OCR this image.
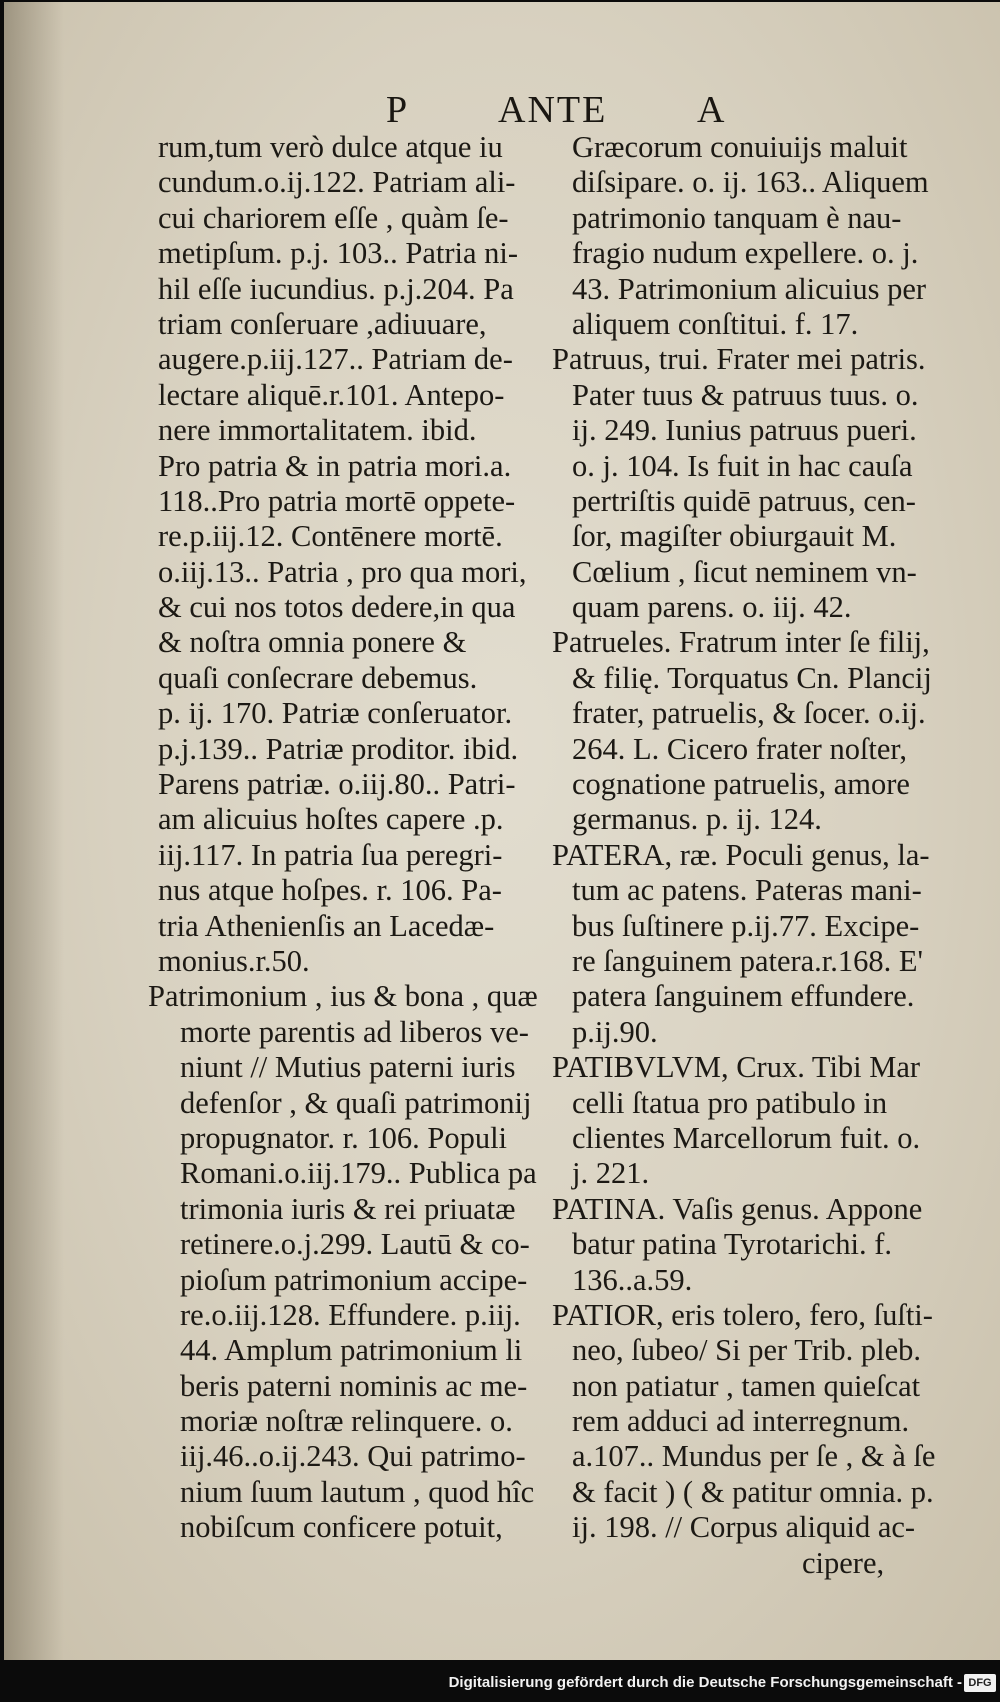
P ANTE A
rum,tum verò dulce atque iu
cundum.o.ij.122. Patriam ali-
cui chariorem eſſe , quàm ſe-
metipſum. p.j. 103.. Patria ni-
hil eſſe iucundius. p.j.204. Pa
triam conſeruare ,adiuuare,
augere.p.iij.127.. Patriam de-
lectare aliquē.r.101. Antepo-
nere immortalitatem. ibid.
Pro patria & in patria mori.a.
118..Pro patria mortē oppete-
re.p.iij.12. Contēnere mortē.
o.iij.13.. Patria , pro qua mori,
& cui nos totos dedere,in qua
& noſtra omnia ponere &
quaſi conſecrare debemus.
p. ij. 170. Patriæ conſeruator.
p.j.139.. Patriæ proditor. ibid.
Parens patriæ. o.iij.80.. Patri-
am alicuius hoſtes capere .p.
iij.117. In patria ſua peregri-
nus atque hoſpes. r. 106. Pa-
tria Athenienſis an Lacedæ-
monius.r.50.
Patrimonium , ius & bona , quæ
morte parentis ad liberos ve-
niunt // Mutius paterni iuris
defenſor , & quaſi patrimonij
propugnator. r. 106. Populi
Romani.o.iij.179.. Publica pa
trimonia iuris & rei priuatæ
retinere.o.j.299. Lautū & co-
pioſum patrimonium accipe-
re.o.iij.128. Effundere. p.iij.
44. Amplum patrimonium li
beris paterni nominis ac me-
moriæ noſtræ relinquere. o.
iij.46..o.ij.243. Qui patrimo-
nium ſuum lautum , quod hîc
nobiſcum conficere potuit,
Græcorum conuiuijs maluit
diſsipare. o. ij. 163.. Aliquem
patrimonio tanquam è nau-
fragio nudum expellere. o. j.
43. Patrimonium alicuius per
aliquem conſtitui. f. 17.
Patruus, trui. Frater mei patris.
Pater tuus & patruus tuus. o.
ij. 249. Iunius patruus pueri.
o. j. 104. Is fuit in hac cauſa
pertriſtis quidē patruus, cen-
ſor, magiſter obiurgauit M.
Cœlium , ſicut neminem vn-
quam parens. o. iij. 42.
Patrueles. Fratrum inter ſe filij,
& filię. Torquatus Cn. Plancij
frater, patruelis, & ſocer. o.ij.
264. L. Cicero frater noſter,
cognatione patruelis, amore
germanus. p. ij. 124.
PATERA, ræ. Poculi genus, la-
tum ac patens. Pateras mani-
bus ſuſtinere p.ij.77. Excipe-
re ſanguinem patera.r.168. E'
patera ſanguinem effundere.
p.ij.90.
PATIBVLVM, Crux. Tibi Mar
celli ſtatua pro patibulo in
clientes Marcellorum fuit. o.
j. 221.
PATINA. Vaſis genus. Appone
batur patina Tyrotarichi. f.
136..a.59.
PATIOR, eris tolero, fero, ſuſti-
neo, ſubeo/ Si per Trib. pleb.
non patiatur , tamen quieſcat
rem adduci ad interregnum.
a.107.. Mundus per ſe , & à ſe
& facit ) ( & patitur omnia. p.
ij. 198. // Corpus aliquid ac-
cipere,
Digitalisierung gefördert durch die Deutsche Forschungsgemeinschaft - DFG
